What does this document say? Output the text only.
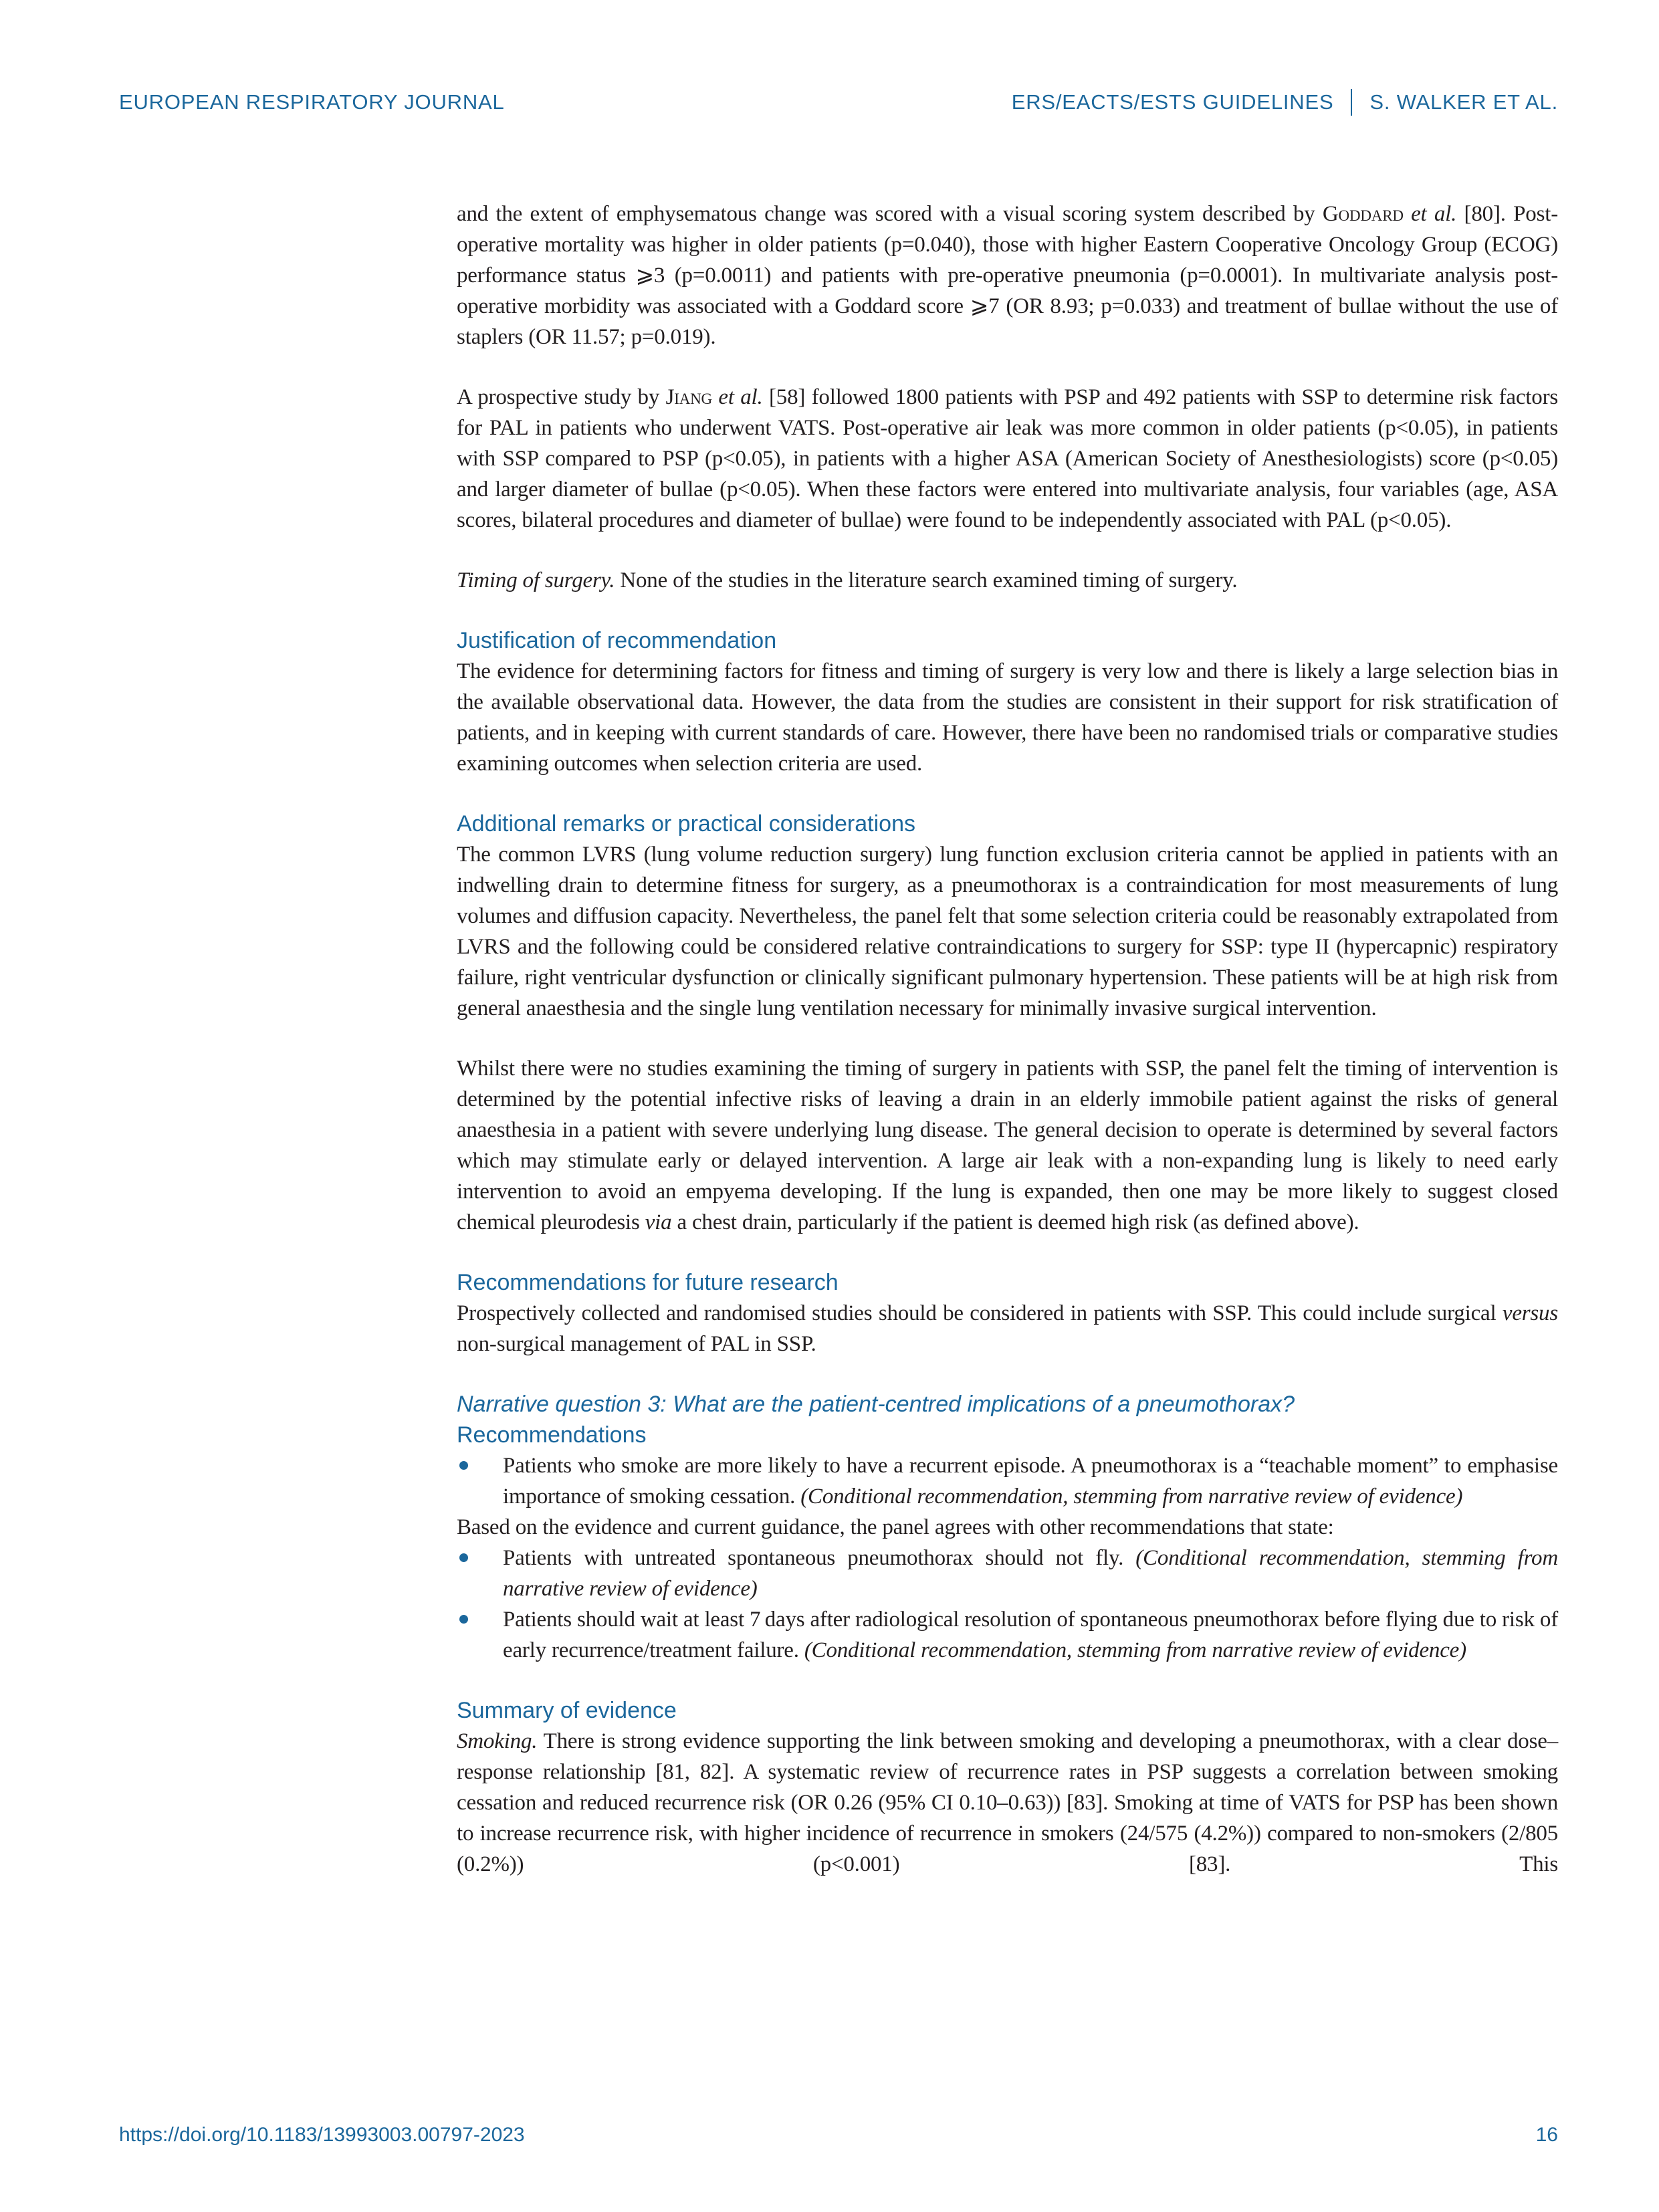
EUROPEAN RESPIRATORY JOURNAL	ERS/EACTS/ESTS GUIDELINES S. WALKER ET AL.

and the extent of emphysematous change was scored with a visual scoring system described by Goddard et al. [80]. Post-operative mortality was higher in older patients (p=0.040), those with higher Eastern Cooperative Oncology Group (ECOG) performance status ⩾3 (p=0.0011) and patients with pre-operative pneumonia (p=0.0001). In multivariate analysis post-operative morbidity was associated with a Goddard score ⩾7 (OR 8.93; p=0.033) and treatment of bullae without the use of staplers (OR 11.57; p=0.019).

A prospective study by Jiang et al. [58] followed 1800 patients with PSP and 492 patients with SSP to determine risk factors for PAL in patients who underwent VATS. Post-operative air leak was more common in older patients (p<0.05), in patients with SSP compared to PSP (p<0.05), in patients with a higher ASA (American Society of Anesthesiologists) score (p<0.05) and larger diameter of bullae (p<0.05). When these factors were entered into multivariate analysis, four variables (age, ASA scores, bilateral procedures and diameter of bullae) were found to be independently associated with PAL (p<0.05).

Timing of surgery. None of the studies in the literature search examined timing of surgery.

Justification of recommendation

The evidence for determining factors for fitness and timing of surgery is very low and there is likely a large selection bias in the available observational data. However, the data from the studies are consistent in their support for risk stratification of patients, and in keeping with current standards of care. However, there have been no randomised trials or comparative studies examining outcomes when selection criteria are used.

Additional remarks or practical considerations

The common LVRS (lung volume reduction surgery) lung function exclusion criteria cannot be applied in patients with an indwelling drain to determine fitness for surgery, as a pneumothorax is a contraindication for most measurements of lung volumes and diffusion capacity. Nevertheless, the panel felt that some selection criteria could be reasonably extrapolated from LVRS and the following could be considered relative contraindications to surgery for SSP: type II (hypercapnic) respiratory failure, right ventricular dysfunction or clinically significant pulmonary hypertension. These patients will be at high risk from general anaesthesia and the single lung ventilation necessary for minimally invasive surgical intervention.

Whilst there were no studies examining the timing of surgery in patients with SSP, the panel felt the timing of intervention is determined by the potential infective risks of leaving a drain in an elderly immobile patient against the risks of general anaesthesia in a patient with severe underlying lung disease. The general decision to operate is determined by several factors which may stimulate early or delayed intervention. A large air leak with a non-expanding lung is likely to need early intervention to avoid an empyema developing. If the lung is expanded, then one may be more likely to suggest closed chemical pleurodesis via a chest drain, particularly if the patient is deemed high risk (as defined above).

Recommendations for future research

Prospectively collected and randomised studies should be considered in patients with SSP. This could include surgical versus non-surgical management of PAL in SSP.

Narrative question 3: What are the patient-centred implications of a pneumothorax?
Recommendations
Patients who smoke are more likely to have a recurrent episode. A pneumothorax is a “teachable moment” to emphasise importance of smoking cessation. (Conditional recommendation, stemming from narrative review of evidence)

Based on the evidence and current guidance, the panel agrees with other recommendations that state:

Patients with untreated spontaneous pneumothorax should not fly. (Conditional recommendation, stemming from narrative review of evidence)
Patients should wait at least 7 days after radiological resolution of spontaneous pneumothorax before flying due to risk of early recurrence/treatment failure. (Conditional recommendation, stemming from narrative review of evidence)
Summary of evidence

Smoking. There is strong evidence supporting the link between smoking and developing a pneumothorax, with a clear dose–response relationship [81, 82]. A systematic review of recurrence rates in PSP suggests a correlation between smoking cessation and reduced recurrence risk (OR 0.26 (95% CI 0.10–0.63)) [83]. Smoking at time of VATS for PSP has been shown to increase recurrence risk, with higher incidence of recurrence in smokers (24/575 (4.2%)) compared to non-smokers (2/805 (0.2%)) (p<0.001) [83]. This

https://doi.org/10.1183/13993003.00797-2023	16
